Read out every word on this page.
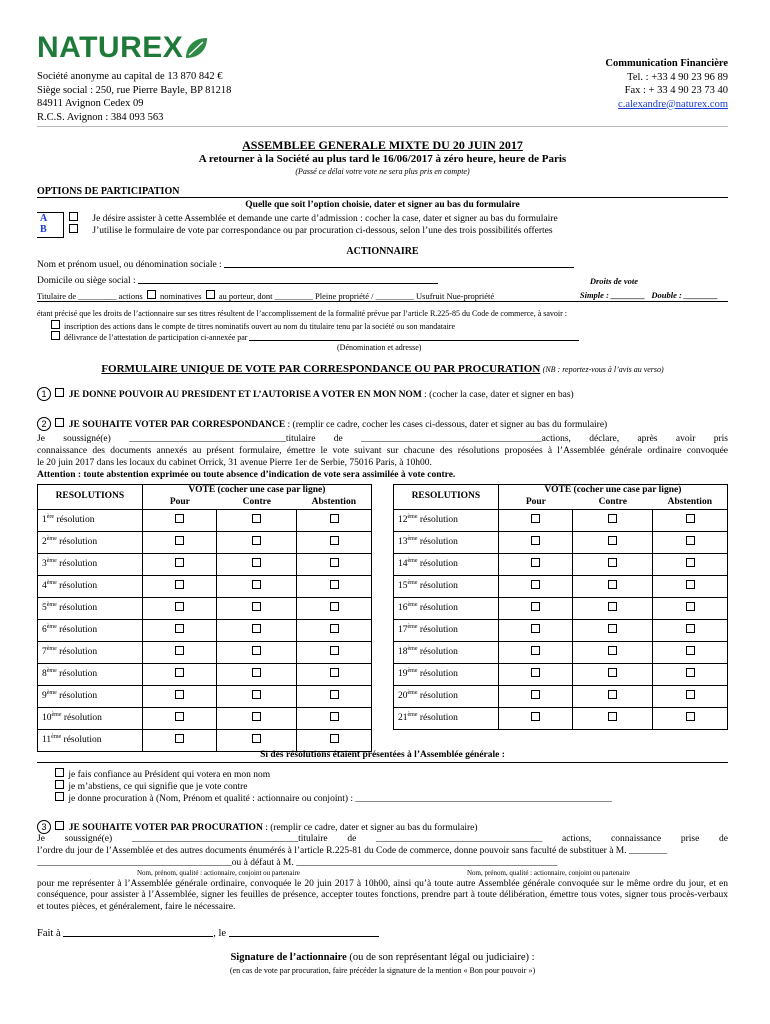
NATUREX
Société anonyme au capital de 13 870 842 €
Siège social : 250, rue Pierre Bayle, BP 81218
84911 Avignon Cedex 09
R.C.S. Avignon : 384 093 563
Communication Financière
Tel. : +33 4 90 23 96 89
Fax : + 33 4 90 23 73 40
c.alexandre@naturex.com
ASSEMBLEE GENERALE MIXTE DU 20 JUIN 2017
A retourner à la Société au plus tard le 16/06/2017 à zéro heure, heure de Paris
(Passé ce délai votre vote ne sera plus pris en compte)
OPTIONS DE PARTICIPATION
Quelle que soit l’option choisie, dater et signer au bas du formulaire
A
B
Je désire assister à cette Assemblée et demande une carte d’admission : cocher la case, dater et signer au bas du formulaire
J’utilise le formulaire de vote par correspondance ou par procuration ci-dessous, selon l’une des trois possibilités offertes
ACTIONNAIRE
Nom et prénom usuel, ou dénomination sociale :
Domicile ou siège social :	Droits de vote
Titulaire de _________ actions nominatives au porteur, dont _________ Pleine propriété / _________ Usufruit Nue-propriété	Simple : ________ Double : ________
étant précisé que les droits de l’actionnaire sur ses titres résultent de l’accomplissement de la formalité prévue par l’article R.225-85 du Code de commerce, à savoir :
inscription des actions dans le compte de titres nominatifs ouvert au nom du titulaire tenu par la société ou son mandataire
délivrance de l’attestation de participation ci-annexée par
(Dénomination et adresse)
FORMULAIRE UNIQUE DE VOTE PAR CORRESPONDANCE OU PAR PROCURATION (NB : reportez-vous à l’avis au verso)
1 JE DONNE POUVOIR AU PRESIDENT ET L’AUTORISE A VOTER EN MON NOM : (cocher la case, dater et signer en bas)
2 JE SOUHAITE VOTER PAR CORRESPONDANCE : (remplir ce cadre, cocher les cases ci-dessous, dater et signer au bas du formulaire)
Je soussigné(e) _________________________________titulaire de ______________________________________actions, déclare, après avoir pris
connaissance des documents annexés au présent formulaire, émettre le vote suivant sur chacune des résolutions proposées à l’Assemblée générale ordinaire convoquée
le 20 juin 2017 dans les locaux du cabinet Orrick, 31 avenue Pierre 1er de Serbie, 75016 Paris, à 10h00.
Attention : toute abstention exprimée ou toute absence d’indication de vote sera assimilée à vote contre.
RESOLUTIONS	VOTE (cocher une case par ligne)		
	Pour	Contre	Abstention
1ère résolution			
2ème résolution			
3ème résolution			
4ème résolution			
5ème résolution			
6ème résolution			
7ème résolution			
8ème résolution			
9ème résolution			
10ème résolution			
11ème résolution			
RESOLUTIONS	VOTE (cocher une case par ligne)		
	Pour	Contre	Abstention
12ème résolution			
13ème résolution			
14ème résolution			
15ème résolution			
16ème résolution			
17ème résolution			
18ème résolution			
19ème résolution			
20ème résolution			
21ème résolution			
Si des résolutions étaient présentées à l’Assemblée générale :
je fais confiance au Président qui votera en mon nom
je m’abstiens, ce qui signifie que je vote contre
je donne procuration à (Nom, Prénom et qualité : actionnaire ou conjoint) : ______________________________________________________
3 JE SOUHAITE VOTER PAR PROCURATION : (remplir ce cadre, dater et signer au bas du formulaire)
Je soussigné(e) ___________________________________titulaire de ___________________________________ actions, connaissance prise de
l’ordre du jour de l’Assemblée et des autres documents énumérés à l’article R.225-81 du Code de commerce, donne pouvoir sans faculté de substituer à M. ________
_________________________________________ou à défaut à M. _______________________________________________________
Nom, prénom, qualité : actionnaire, conjoint ou partenaire	Nom, prénom, qualité : actionnaire, conjoint ou partenaire
pour me représenter à l’Assemblée générale ordinaire, convoquée le 20 juin 2017 à 10h00, ainsi qu’à toute autre Assemblée générale convoquée sur le même ordre du jour, et en conséquence, pour assister à l’Assemblée, signer les feuilles de présence, accepter toutes fonctions, prendre part à toute délibération, émettre tous votes, signer tous procès-verbaux et toutes pièces, et généralement, faire le nécessaire.
Fait à	, le
Signature de l’actionnaire (ou de son représentant légal ou judiciaire) :
(en cas de vote par procuration, faire précéder la signature de la mention « Bon pour pouvoir »)
